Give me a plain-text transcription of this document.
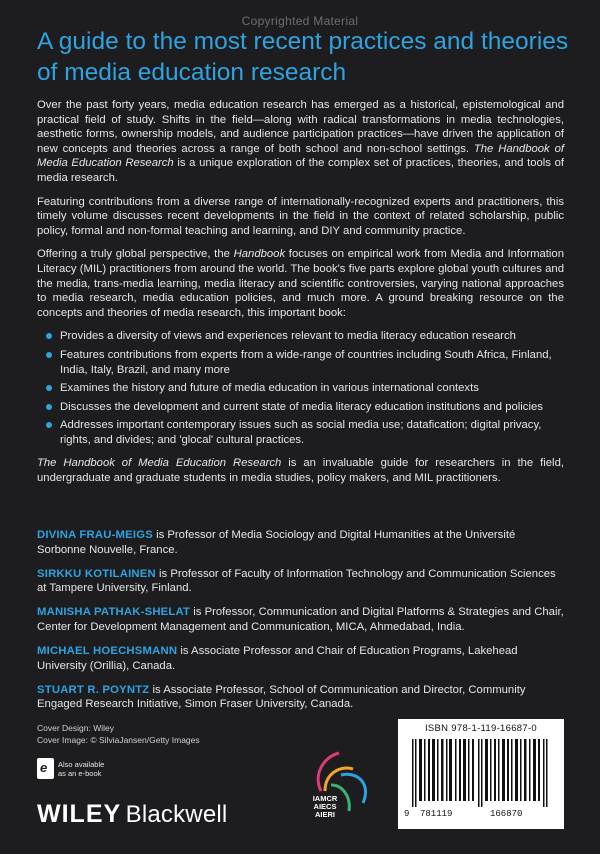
Copyrighted Material
A guide to the most recent practices and theories of media education research

Over the past forty years, media education research has emerged as a historical, epistemological and practical field of study. Shifts in the field—along with radical transformations in media technologies, aesthetic forms, ownership models, and audience participation practices—have driven the application of new concepts and theories across a range of both school and non-school settings. The Handbook of Media Education Research is a unique exploration of the complex set of practices, theories, and tools of media research.

Featuring contributions from a diverse range of internationally-recognized experts and practitioners, this timely volume discusses recent developments in the field in the context of related scholarship, public policy, formal and non-formal teaching and learning, and DIY and community practice.

Offering a truly global perspective, the Handbook focuses on empirical work from Media and Information Literacy (MIL) practitioners from around the world. The book's five parts explore global youth cultures and the media, trans-media learning, media literacy and scientific controversies, varying national approaches to media research, media education policies, and much more. A ground breaking resource on the concepts and theories of media research, this important book:

Provides a diversity of views and experiences relevant to media literacy education research
Features contributions from experts from a wide-range of countries including South Africa, Finland, India, Italy, Brazil, and many more
Examines the history and future of media education in various international contexts
Discusses the development and current state of media literacy education institutions and policies
Addresses important contemporary issues such as social media use; datafication; digital privacy, rights, and divides; and 'glocal' cultural practices.

The Handbook of Media Education Research is an invaluable guide for researchers in the field, undergraduate and graduate students in media studies, policy makers, and MIL practitioners.

DIVINA FRAU-MEIGS is Professor of Media Sociology and Digital Humanities at the Université Sorbonne Nouvelle, France.

SIRKKU KOTILAINEN is Professor of Faculty of Information Technology and Communication Sciences at Tampere University, Finland.

MANISHA PATHAK-SHELAT is Professor, Communication and Digital Platforms & Strategies and Chair, Center for Development Management and Communication, MICA, Ahmedabad, India.

MICHAEL HOECHSMANN is Associate Professor and Chair of Education Programs, Lakehead University (Orillia), Canada.

STUART R. POYNTZ is Associate Professor, School of Communication and Director, Community Engaged Research Initiative, Simon Fraser University, Canada.

Cover Design: Wiley
Cover Image: © SilviaJansen/Getty Images
e Also available
as an e-book
WILEY Blackwell
IAMCR
AIECS
AIERI
ISBN 978-1-119-16687-0
9 781119	166870
